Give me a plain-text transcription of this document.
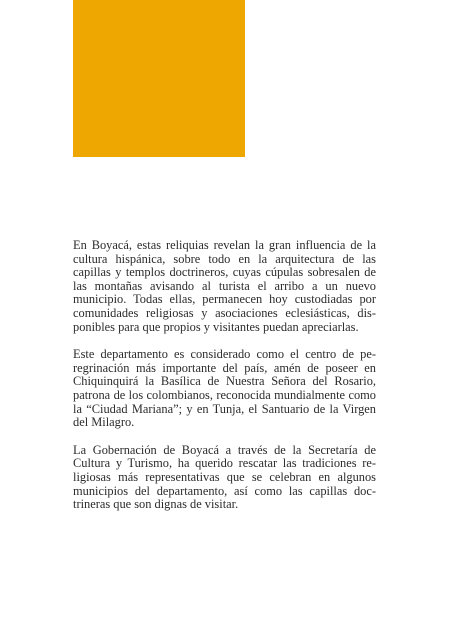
En Boyacá, estas reliquias revelan la gran influencia de la cultura hispánica, sobre todo en la arquitectura de las capillas y templos doctrineros, cuyas cúpulas sobresalen de las montañas avisando al turista el arribo a un nuevo municipio. Todas ellas, permanecen hoy custodiadas por comunidades religiosas y asociaciones eclesiásticas, disponibles para que propios y visitantes puedan apreciarlas.

Este departamento es considerado como el centro de peregrinación más importante del país, amén de poseer en Chiquinquirá la Basílica de Nuestra Señora del Rosario, patrona de los colombianos, reconocida mundialmente como la “Ciudad Mariana”; y en Tunja, el Santuario de la Virgen del Milagro.

La Gobernación de Boyacá a través de la Secretaría de Cultura y Turismo, ha querido rescatar las tradiciones religiosas más representativas que se celebran en algunos municipios del departamento, así como las capillas doctrineras que son dignas de visitar.
